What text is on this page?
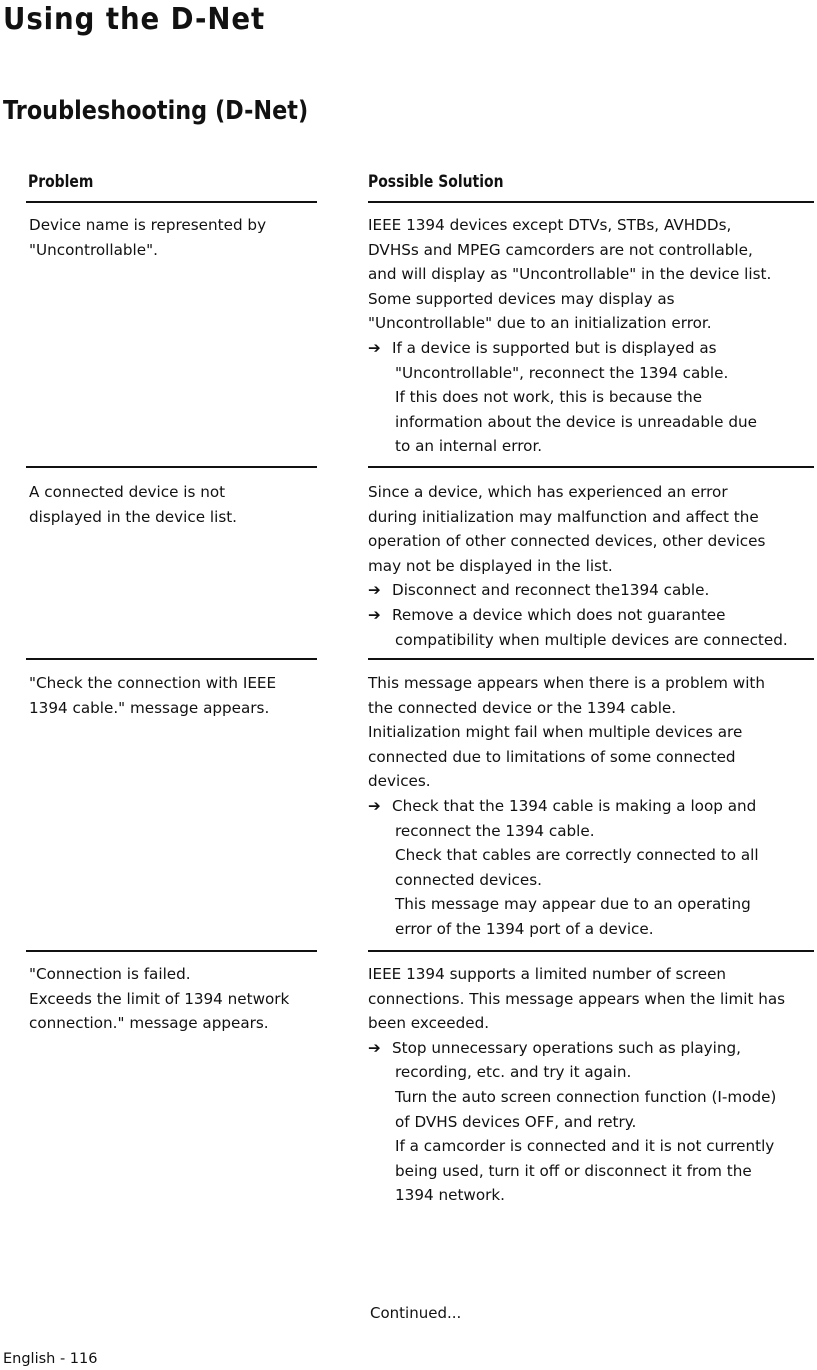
Using the D-Net
Troubleshooting (D-Net)
Problem	Possible Solution
Device name is represented by
"Uncontrollable".
IEEE 1394 devices except DTVs, STBs, AVHDDs,
DVHSs and MPEG camcorders are not controllable,
and will display as "Uncontrollable" in the device list.
Some supported devices may display as
"Uncontrollable" due to an initialization error.
➔ If a device is supported but is displayed as
"Uncontrollable", reconnect the 1394 cable.
If this does not work, this is because the
information about the device is unreadable due
to an internal error.
A connected device is not
displayed in the device list.
Since a device, which has experienced an error
during initialization may malfunction and affect the
operation of other connected devices, other devices
may not be displayed in the list.
➔ Disconnect and reconnect the1394 cable.
➔ Remove a device which does not guarantee
compatibility when multiple devices are connected.
"Check the connection with IEEE
1394 cable." message appears.
This message appears when there is a problem with
the connected device or the 1394 cable.
Initialization might fail when multiple devices are
connected due to limitations of some connected
devices.
➔ Check that the 1394 cable is making a loop and
reconnect the 1394 cable.
Check that cables are correctly connected to all
connected devices.
This message may appear due to an operating
error of the 1394 port of a device.
"Connection is failed.
Exceeds the limit of 1394 network
connection." message appears.
IEEE 1394 supports a limited number of screen
connections. This message appears when the limit has
been exceeded.
➔ Stop unnecessary operations such as playing,
recording, etc. and try it again.
Turn the auto screen connection function (I-mode)
of DVHS devices OFF, and retry.
If a camcorder is connected and it is not currently
being used, turn it off or disconnect it from the
1394 network.
Continued...
English - 116
